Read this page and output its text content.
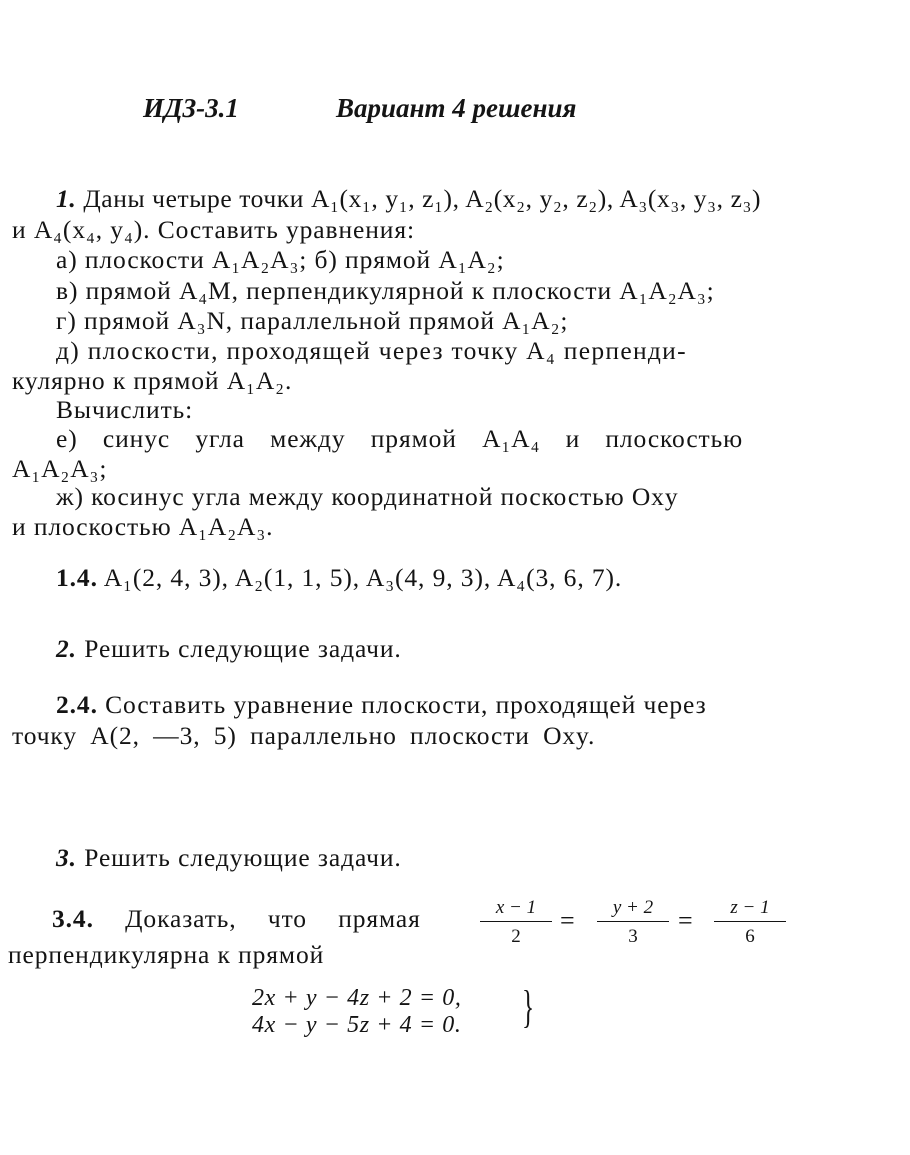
ИДЗ-3.1	Вариант 4 решения
1. Даны четыре точки A₁(x₁, y₁, z₁), A₂(x₂, y₂, z₂), A₃(x₃, y₃, z₃)
и A₄(x₄, y₄). Составить уравнения:
а) плоскости A₁A₂A₃; б) прямой A₁A₂;
в) прямой A₄M, перпендикулярной к плоскости A₁A₂A₃;
г) прямой A₃N, параллельной прямой A₁A₂;
д) плоскости, проходящей через точку A₄ перпенди-
кулярно к прямой A₁A₂.
Вычислить:
е) синус угла между прямой A₁A₄ и плоскостью
A₁A₂A₃;
ж) косинус угла между координатной поскостью Oxy
и плоскостью A₁A₂A₃.
1.4. A₁(2, 4, 3), A₂(1, 1, 5), A₃(4, 9, 3), A₄(3, 6, 7).
2. Решить следующие задачи.
2.4. Составить уравнение плоскости, проходящей через
точку A(2, —3, 5) параллельно плоскости Oxy.
3. Решить следующие задачи.
3.4. Доказать, что прямая	x − 1
2
=	y + 2
3
=	z − 1
6
перпендикулярна к прямой
2x + y − 4z + 2 = 0,
4x − y − 5z + 4 = 0. }
